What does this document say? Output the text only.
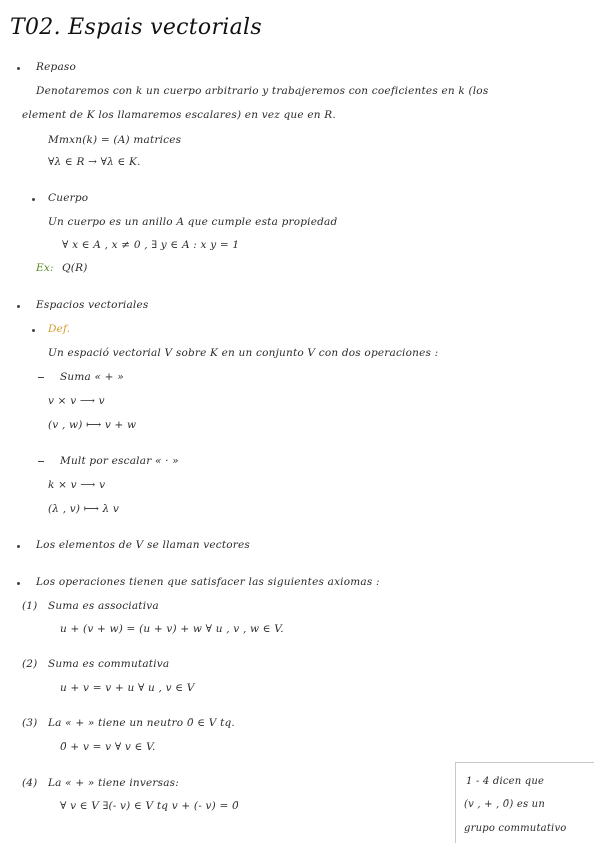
T02. Espais vectorials
Repaso
Denotaremos con k un cuerpo arbitrario y trabajeremos con coeficientes en k (los
element de K los llamaremos escalares) en vez que en R.
Mmxn(k) = (A) matrices
∀λ ∈ R → ∀λ ∈ K.
Cuerpo
Un cuerpo es un anillo A que cumple esta propiedad
∀ x ∈ A , x ≠ 0 , ∃ y ∈ A : x y = 1
Ex: Q(R)
Espacios vectoriales
Def.
Un espació vectorial V sobre K en un conjunto V con dos operaciones :
Suma « + »
v × v ⟶ v
(v , w) ⟼ v + w
Mult por escalar « · »
k × v ⟶ v
(λ , v) ⟼ λ v
Los elementos de V se llaman vectores
Los operaciones tienen que satisfacer las siguientes axiomas :
(1) Suma es associativa
u + (v + w) = (u + v) + w ∀ u , v , w ∈ V.
(2) Suma es commutativa
u + v = v + u ∀ u , v ∈ V
(3) La « + » tiene un neutro 0̄ ∈ V tq.
0̄ + v = v ∀ v ∈ V.
(4) La « + » tiene inversas:
∀ v ∈ V ∃(- v) ∈ V tq v + (- v) = 0̄
1 - 4 dicen que
(v , + , 0̄) es un
grupo commutativo
